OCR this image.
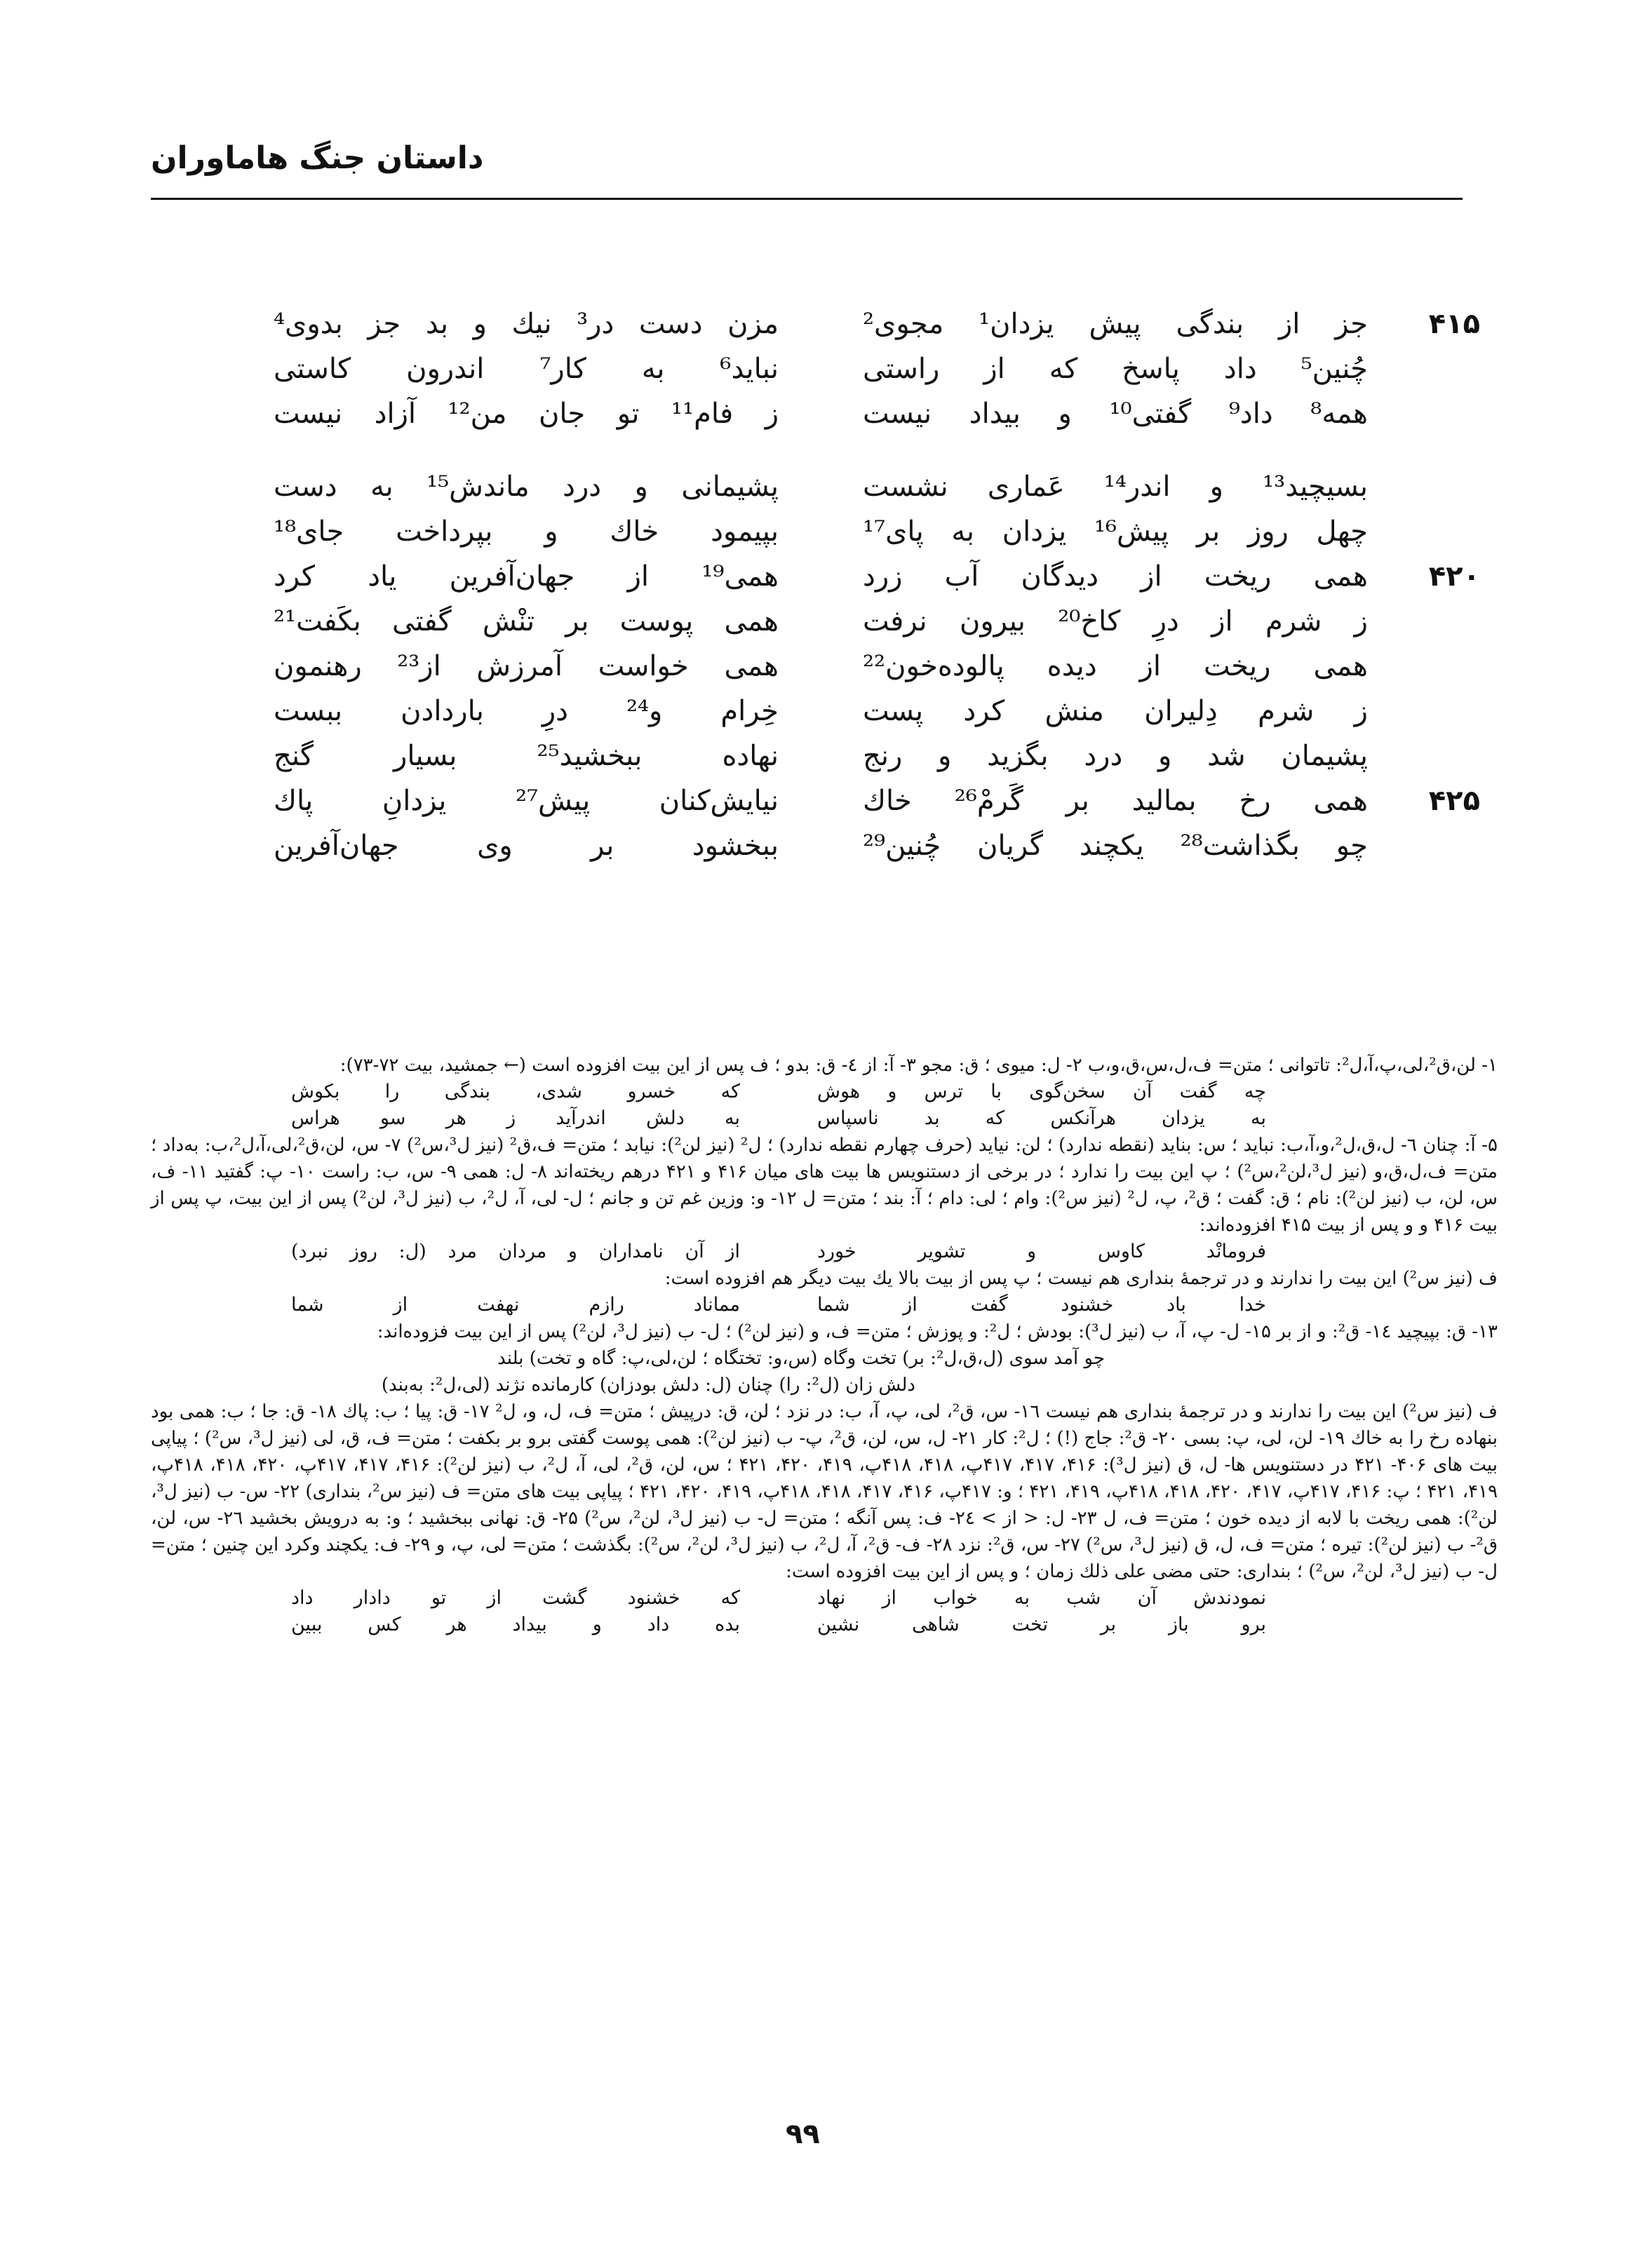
داستان جنگ هاماوران
۴۱۵
جز از بندگی پیش یزدان¹ مجوی²
مزن دست در³ نیك و بد جز بدوی⁴
چُنین⁵ داد پاسخ که از راستی
نباید⁶ به کار⁷ اندرون کاستی
همه⁸ داد⁹ گفتی¹⁰ و بیداد نیست
ز فام¹¹ تو جان من¹² آزاد نیست
بسیچید¹³ و اندر¹⁴ عَماری نشست
پشیمانی و درد ماندش¹⁵ به دست
چهل روز بر پیش¹⁶ یزدان به پای¹⁷
بپیمود خاك و بپرداخت جای¹⁸
۴۲۰
همی ریخت از دیدگان آب زرد
همی¹⁹ از جهان‌آفرین یاد کرد
ز شرم از درِ کاخ²⁰ بیرون نرفت
همی پوست بر تنْش گفتی بکَفت²¹
همی ریخت از دیده پالوده‌خون²²
همی خواست آمرزش از²³ رهنمون
ز شرم دِلیران منش کرد پست
خِرام و²⁴ درِ باردادن ببست
پشیمان شد و درد بگزید و رنج
نهاده ببخشید²⁵ بسیار گنج
۴۲۵
همی رخ بمالید بر گَرمْ²⁶ خاك
نیایش‌کنان پیش²⁷ یزدانِ پاك
چو بگذاشت²⁸ یکچند گریان چُنین²⁹
ببخشود بر وی جهان‌آفرین

۱- لن،ق²،لی،پ،آ،ل²: تاتوانی ؛ متن= ف،ل،س،ق،و،ب ۲- ل: میوی ؛ ق: مجو ۳- آ: از ٤- ق: بدو ؛ ف پس از این بیت افزوده است (← جمشید، بیت ۷۲-۷۳):

چه گفت آن سخن‌گوی با ترس و هوش
که خسرو شدی، بندگی را بکوش
به یزدان هرآنکس که بد ناسپاس
به دلش اندرآید ز هر سو هراس

۵- آ: چنان ٦- ل،ق،ل²،و،آ،ب: نباید ؛ س: بناید (نقطه ندارد) ؛ لن: نیاید (حرف چهارم نقطه ندارد) ؛ ل² (نیز لن²): نیابد ؛ متن= ف،ق² (نیز ل³،س²) ۷- س، لن،ق²،لی،آ،ل²،ب: به‌داد ؛ متن= ف،ل،ق،و (نیز ل³،لن²،س²) ؛ پ این بیت را ندارد ؛ در برخی از دستنویس ها بیت های میان ۴۱۶ و ۴۲۱ درهم ریخته‌اند ۸- ل: همی ۹- س، ب: راست ۱۰- پ: گفتید ۱۱- ف، س، لن، ب (نیز لن²): نام ؛ ق: گفت ؛ ق²، پ، ل² (نیز س²): وام ؛ لی: دام ؛ آ: بند ؛ متن= ل ۱۲- و: وزین غم تن و جانم ؛ ل- لی، آ، ل²، ب (نیز ل³، لن²) پس از این بیت، پ پس از بیت ۴۱۶ و و پس از بیت ۴۱۵ افزوده‌اند:

فرومانْد کاوس و تشویر خورد
از آن نامداران و مردان مرد (ل: روز نبرد)

ف (نیز س²) این بیت را ندارند و در ترجمهٔ بنداری هم نیست ؛ پ پس از بیت بالا یك بیت دیگر هم افزوده است:

خدا باد خشنود گفت از شما
مماناد رازم نهفت از شما

۱۳- ق: بپیچید ١٤- ق²: و از بر ۱۵- ل- پ، آ، ب (نیز ل³): بودش ؛ ل²: و پوزش ؛ متن= ف، و (نیز لن²) ؛ ل- ب (نیز ل³، لن²) پس از این بیت فزوده‌اند:

چو آمد سوی (ل،ق،ل²: بر) تخت وگاه (س،و: تختگاه ؛ لن،لی،پ: گاه و تخت) بلند

دلش زان (ل²: را) چنان (ل: دلش بودزان) کارمانده نژند (لی،ل²: به‌بند)

ف (نیز س²) این بیت را ندارند و در ترجمهٔ بنداری هم نیست ١٦- س، ق²، لی، پ، آ، ب: در نزد ؛ لن، ق: درپیش ؛ متن= ف، ل، و، ل² ۱۷- ق: پیا ؛ ب: پاك ۱۸- ق: جا ؛ ب: همی بود بنهاده رخ را به خاك ۱۹- لن، لی، پ: بسی ۲۰- ق²: جاج (!) ؛ ل²: کار ۲۱- ل، س، لن، ق²، پ- ب (نیز لن²): همی پوست گفتی برو بر بکفت ؛ متن= ف، ق، لی (نیز ل³، س²) ؛ پیاپی بیت های ۴۰۶- ۴۲۱ در دستنویس ها- ل، ق (نیز ل³): ۴۱۶، ۴۱۷، ۴۱۷پ، ۴۱۸، ۴۱۸پ، ۴۱۹، ۴۲۰، ۴۲۱ ؛ س، لن، ق²، لی، آ، ل²، ب (نیز لن²): ۴۱۶، ۴۱۷، ۴۱۷پ، ۴۲۰، ۴۱۸، ۴۱۸پ، ۴۱۹، ۴۲۱ ؛ پ: ۴۱۶، ۴۱۷پ، ۴۱۷، ۴۲۰، ۴۱۸، ۴۱۸پ، ۴۱۹، ۴۲۱ ؛ و: ۴۱۷پ، ۴۱۶، ۴۱۷، ۴۱۸، ۴۱۸پ، ۴۱۹، ۴۲۰، ۴۲۱ ؛ پیاپی بیت های متن= ف (نیز س²، بنداری) ۲۲- س- ب (نیز ل³، لن²): همی ریخت با لابه از دیده خون ؛ متن= ف، ل ۲۳- ل: < از > ٢٤- ف: پس آنگه ؛ متن= ل- ب (نیز ل³، لن²، س²) ۲۵- ق: نهانی ببخشید ؛ و: به درویش بخشید ۲٦- س، لن، ق²- ب (نیز لن²): تیره ؛ متن= ف، ل، ق (نیز ل³، س²) ۲۷- س، ق²: نزد ۲۸- ف- ق²، آ، ل²، ب (نیز ل³، لن²، س²): بگذشت ؛ متن= لی، پ، و ۲۹- ف: یکچند وکرد این چنین ؛ متن= ل- ب (نیز ل³، لن²، س²) ؛ بنداری: حتی مضی علی ذلك زمان ؛ و پس از این بیت افزوده است:

نمودندش آن شب به خواب از نهاد
که خشنود گشت از تو دادار داد
برو باز بر تخت شاهی نشین
بده داد و بیداد هر کس ببین
۹۹
